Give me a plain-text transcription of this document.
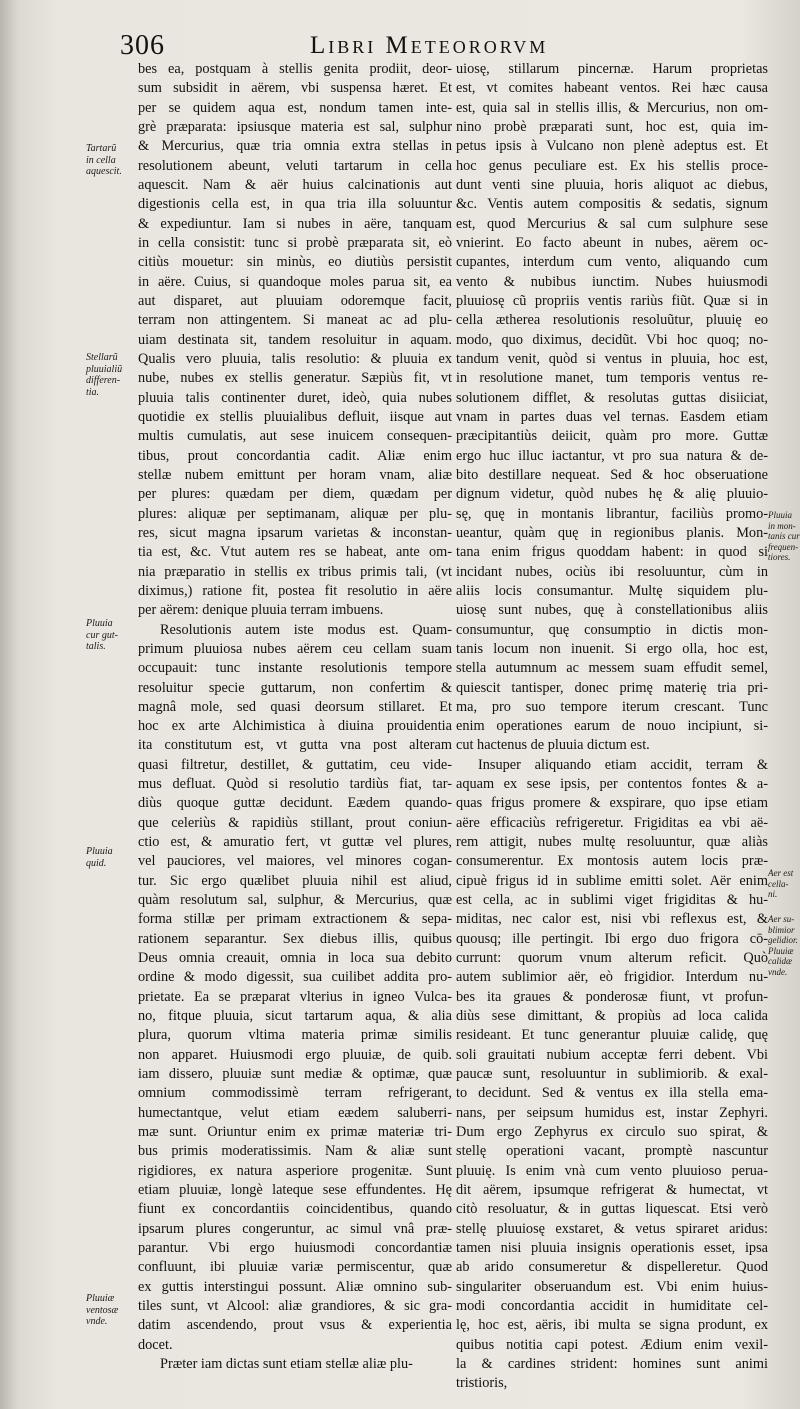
306	Libri Meteororvm
bes ea, postquam à stellis genita prodiit, deor-
sum subsidit in aërem, vbi suspensa hæret. Et
per se quidem aqua est, nondum tamen inte-
grè præparata: ipsiusque materia est sal, sulphur
& Mercurius, quæ tria omnia extra stellas in
resolutionem abeunt, veluti tartarum in cella
aquescit. Nam & aër huius calcinationis aut
digestionis cella est, in qua tria illa soluuntur
& expediuntur. Iam si nubes in aëre, tanquam
in cella consistit: tunc si probè præparata sit, eò
citiùs mouetur: sin minùs, eo diutiùs persistit
in aëre. Cuius, si quandoque moles parua sit, ea
aut disparet, aut pluuiam odoremque facit,
terram non attingentem. Si maneat ac ad plu-
uiam destinata sit, tandem resoluitur in aquam.
Qualis vero pluuia, talis resolutio: & pluuia ex
nube, nubes ex stellis generatur. Sæpiùs fit, vt
pluuia talis continenter duret, ideò, quia nubes
quotidie ex stellis pluuialibus defluit, iisque aut
multis cumulatis, aut sese inuicem consequen-
tibus, prout concordantia cadit. Aliæ enim
stellæ nubem emittunt per horam vnam, aliæ
per plures: quædam per diem, quædam per
plures: aliquæ per septimanam, aliquæ per plu-
res, sicut magna ipsarum varietas & inconstan-
tia est, &c. Vtut autem res se habeat, ante om-
nia præparatio in stellis ex tribus primis tali, (vt
diximus,) ratione fit, postea fit resolutio in aëre
per aërem: denique pluuia terram imbuens.
Resolutionis autem iste modus est. Quam-
primum pluuiosa nubes aërem ceu cellam suam
occupauit: tunc instante resolutionis tempore
resoluitur specie guttarum, non confertim &
magnâ mole, sed quasi deorsum stillaret. Et
hoc ex arte Alchimistica à diuina prouidentia
ita constitutum est, vt gutta vna post alteram
quasi filtretur, destillet, & guttatim, ceu vide-
mus defluat. Quòd si resolutio tardiùs fiat, tar-
diùs quoque guttæ decidunt. Eædem quando-
que celeriùs & rapidiùs stillant, prout coniun-
ctio est, & amuratio fert, vt guttæ vel plures,
vel pauciores, vel maiores, vel minores cogan-
tur. Sic ergo quælibet pluuia nihil est aliud,
quàm resolutum sal, sulphur, & Mercurius, quæ
forma stillæ per primam extractionem & sepa-
rationem separantur. Sex diebus illis, quibus
Deus omnia creauit, omnia in loca sua debito
ordine & modo digessit, sua cuilibet addita pro-
prietate. Ea se præparat vlterius in igneo Vulca-
no, fitque pluuia, sicut tartarum aqua, & alia
plura, quorum vltima materia primæ similis
non apparet. Huiusmodi ergo pluuiæ, de quib.
iam dissero, pluuiæ sunt mediæ & optimæ, quæ
omnium commodissimè terram refrigerant,
humectantque, velut etiam eædem saluberri-
mæ sunt. Oriuntur enim ex primæ materiæ tri-
bus primis moderatissimis. Nam & aliæ sunt
rigidiores, ex natura asperiore progenitæ. Sunt
etiam pluuiæ, longè lateque sese effundentes. Hę
fiunt ex concordantiis coincidentibus, quando
ipsarum plures congeruntur, ac simul vnâ præ-
parantur. Vbi ergo huiusmodi concordantiæ
confluunt, ibi pluuiæ variæ permiscentur, quæ
ex guttis interstingui possunt. Aliæ omnino sub-
tiles sunt, vt Alcool: aliæ grandiores, & sic gra-
datim ascendendo, prout vsus & experientia
docet.
Præter iam dictas sunt etiam stellæ aliæ plu-
uiosę, stillarum pincernæ. Harum proprietas
est, vt comites habeant ventos. Rei hæc causa
est, quia sal in stellis illis, & Mercurius, non om-
nino probè præparati sunt, hoc est, quia im-
petus ipsis à Vulcano non plenè adeptus est. Et
hoc genus peculiare est. Ex his stellis proce-
dunt venti sine pluuia, horis aliquot ac diebus,
&c. Ventis autem compositis & sedatis, signum
est, quod Mercurius & sal cum sulphure sese
vnierint. Eo facto abeunt in nubes, aërem oc-
cupantes, interdum cum vento, aliquando cum
vento & nubibus iunctim. Nubes huiusmodi
pluuiosę cũ propriis ventis rariùs fiũt. Quæ si in
cella ætherea resolutionis resoluũtur, pluuię eo
modo, quo diximus, decidũt. Vbi hoc quoq; no-
tandum venit, quòd si ventus in pluuia, hoc est,
in resolutione manet, tum temporis ventus re-
solutionem difflet, & resolutas guttas disiiciat,
vnam in partes duas vel ternas. Easdem etiam
præcipitantiùs deiicit, quàm pro more. Guttæ
ergo huc illuc iactantur, vt pro sua natura & de-
bito destillare nequeat. Sed & hoc obseruatione
dignum videtur, quòd nubes hę & alię pluuio-
sę, quę in montanis librantur, faciliùs promo-
ueantur, quàm quę in regionibus planis. Mon-
tana enim frigus quoddam habent: in quod si
incidant nubes, ociùs ibi resoluuntur, cùm in
aliis locis consumantur. Multę siquidem plu-
uiosę sunt nubes, quę à constellationibus aliis
consumuntur, quę consumptio in dictis mon-
tanis locum non inuenit. Si ergo olla, hoc est,
stella autumnum ac messem suam effudit semel,
quiescit tantisper, donec primę materię tria pri-
ma, pro suo tempore iterum crescant. Tunc
enim operationes earum de nouo incipiunt, si-
cut hactenus de pluuia dictum est.
Insuper aliquando etiam accidit, terram &
aquam ex sese ipsis, per contentos fontes & a-
quas frigus promere & exspirare, quo ipse etiam
aëre efficaciùs refrigeretur. Frigiditas ea vbi aë-
rem attigit, nubes multę resoluuntur, quæ aliàs
consumerentur. Ex montosis autem locis præ-
cipuè frigus id in sublime emitti solet. Aër enim
est cella, ac in sublimi viget frigiditas & hu-
miditas, nec calor est, nisi vbi reflexus est, &
quousq; ille pertingit. Ibi ergo duo frigora cō-
currunt: quorum vnum alterum reficit. Quò
autem sublimior aër, eò frigidior. Interdum nu-
bes ita graues & ponderosæ fiunt, vt profun-
diùs sese dimittant, & propiùs ad loca calida
resideant. Et tunc generantur pluuiæ calidę, quę
soli grauitati nubium acceptæ ferri debent. Vbi
paucæ sunt, resoluuntur in sublimiorib. & exal-
to decidunt. Sed & ventus ex illa stella ema-
nans, per seipsum humidus est, instar Zephyri.
Dum ergo Zephyrus ex circulo suo spirat, &
stellę operationi vacant, promptè nascuntur
pluuię. Is enim vnà cum vento pluuioso perua-
dit aërem, ipsumque refrigerat & humectat, vt
citò resoluatur, & in guttas liquescat. Etsi verò
stellę pluuiosę exstaret, & vetus spiraret aridus:
tamen nisi pluuia insignis operationis esset, ipsa
ab arido consumeretur & dispelleretur. Quod
singulariter obseruandum est. Vbi enim huius-
modi concordantia accidit in humiditate cel-
lę, hoc est, aëris, ibi multa se signa produnt, ex
quibus notitia capi potest. Ædium enim vexil-
la & cardines strident: homines sunt animi
tristioris,
Tartarũ
in cella
aquescit.
Stellarũ
pluuialiũ
differen-
tia.
Pluuia
cur gut-
talis.
Pluuia
quid.
Pluuiæ
ventosæ
vnde.
Pluuia
in mon-
tanis cur
frequen-
tiores.
Aer est
cella-
ni.
Aer su-
blimior
gelidior.
Pluuiæ
calidæ
vnde.
